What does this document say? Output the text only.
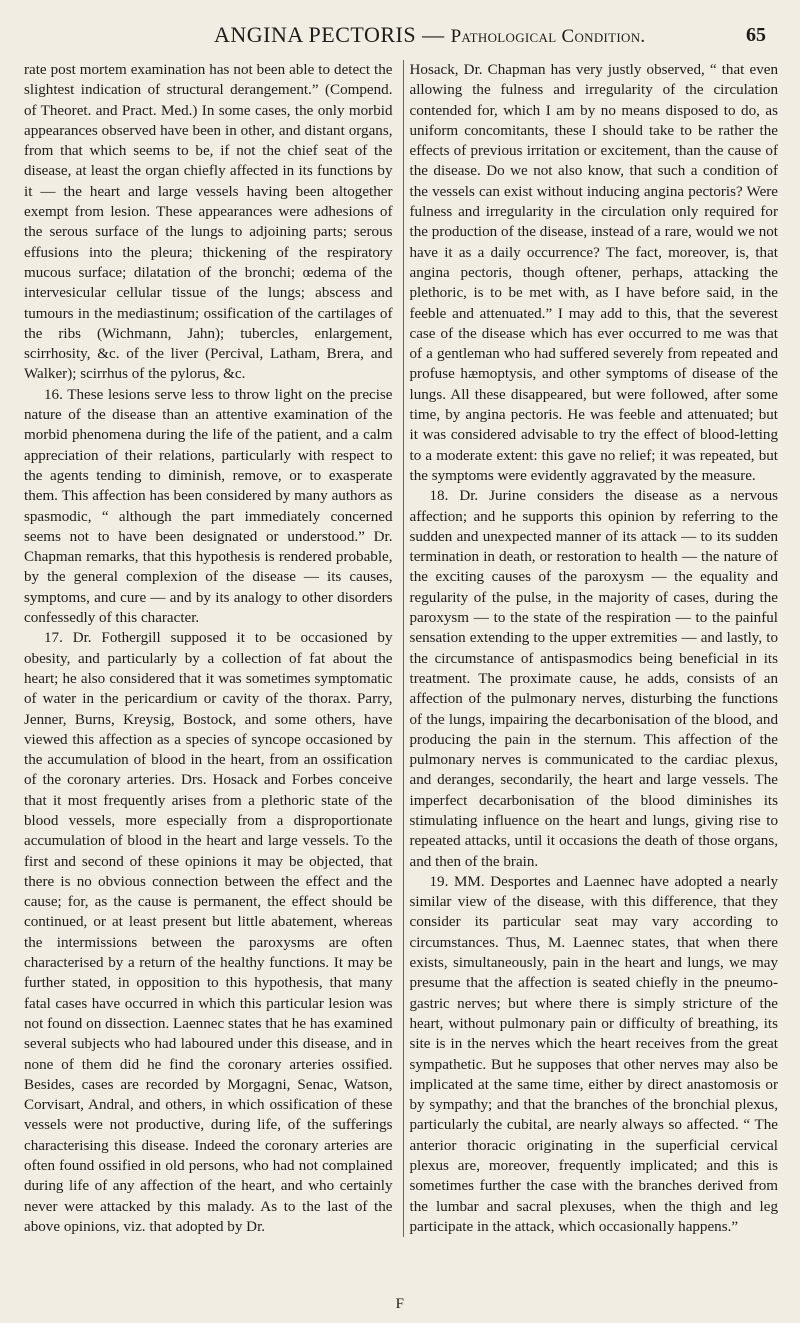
ANGINA PECTORIS — Pathological Condition.	65

rate post mortem examination has not been able to detect the slightest indication of structural derangement.” (Compend. of Theoret. and Pract. Med.) In some cases, the only morbid appearances observed have been in other, and distant organs, from that which seems to be, if not the chief seat of the disease, at least the organ chiefly affected in its functions by it — the heart and large vessels having been altogether exempt from lesion. These appearances were adhesions of the serous surface of the lungs to adjoining parts; serous effusions into the pleura; thickening of the respiratory mucous surface; dilatation of the bronchi; œdema of the intervesicular cellular tissue of the lungs; abscess and tumours in the mediastinum; ossification of the cartilages of the ribs (Wichmann, Jahn); tubercles, enlargement, scirrhosity, &c. of the liver (Percival, Latham, Brera, and Walker); scirrhus of the pylorus, &c.

16. These lesions serve less to throw light on the precise nature of the disease than an attentive examination of the morbid phenomena during the life of the patient, and a calm appreciation of their relations, particularly with respect to the agents tending to diminish, remove, or to exasperate them. This affection has been considered by many authors as spasmodic, “ although the part immediately concerned seems not to have been designated or understood.” Dr. Chapman remarks, that this hypothesis is rendered probable, by the general complexion of the disease — its causes, symptoms, and cure — and by its analogy to other disorders confessedly of this character.

17. Dr. Fothergill supposed it to be occasioned by obesity, and particularly by a collection of fat about the heart; he also considered that it was sometimes symptomatic of water in the pericardium or cavity of the thorax. Parry, Jenner, Burns, Kreysig, Bostock, and some others, have viewed this affection as a species of syncope occasioned by the accumulation of blood in the heart, from an ossification of the coronary arteries. Drs. Hosack and Forbes conceive that it most frequently arises from a plethoric state of the blood vessels, more especially from a disproportionate accumulation of blood in the heart and large vessels. To the first and second of these opinions it may be objected, that there is no obvious connection between the effect and the cause; for, as the cause is permanent, the effect should be continued, or at least present but little abatement, whereas the intermissions between the paroxysms are often characterised by a return of the healthy functions. It may be further stated, in opposition to this hypothesis, that many fatal cases have occurred in which this particular lesion was not found on dissection. Laennec states that he has examined several subjects who had laboured under this disease, and in none of them did he find the coronary arteries ossified. Besides, cases are recorded by Morgagni, Senac, Watson, Corvisart, Andral, and others, in which ossification of these vessels were not productive, during life, of the sufferings characterising this disease. Indeed the coronary arteries are often found ossified in old persons, who had not complained during life of any affection of the heart, and who certainly never were attacked by this malady. As to the last of the above opinions, viz. that adopted by Dr.

Hosack, Dr. Chapman has very justly observed, “ that even allowing the fulness and irregularity of the circulation contended for, which I am by no means disposed to do, as uniform concomitants, these I should take to be rather the effects of previous irritation or excitement, than the cause of the disease. Do we not also know, that such a condition of the vessels can exist without inducing angina pectoris? Were fulness and irregularity in the circulation only required for the production of the disease, instead of a rare, would we not have it as a daily occurrence? The fact, moreover, is, that angina pectoris, though oftener, perhaps, attacking the plethoric, is to be met with, as I have before said, in the feeble and attenuated.” I may add to this, that the severest case of the disease which has ever occurred to me was that of a gentleman who had suffered severely from repeated and profuse hæmoptysis, and other symptoms of disease of the lungs. All these disappeared, but were followed, after some time, by angina pectoris. He was feeble and attenuated; but it was considered advisable to try the effect of blood-letting to a moderate extent: this gave no relief; it was repeated, but the symptoms were evidently aggravated by the measure.

18. Dr. Jurine considers the disease as a nervous affection; and he supports this opinion by referring to the sudden and unexpected manner of its attack — to its sudden termination in death, or restoration to health — the nature of the exciting causes of the paroxysm — the equality and regularity of the pulse, in the majority of cases, during the paroxysm — to the state of the respiration — to the painful sensation extending to the upper extremities — and lastly, to the circumstance of antispasmodics being beneficial in its treatment. The proximate cause, he adds, consists of an affection of the pulmonary nerves, disturbing the functions of the lungs, impairing the decarbonisation of the blood, and producing the pain in the sternum. This affection of the pulmonary nerves is communicated to the cardiac plexus, and deranges, secondarily, the heart and large vessels. The imperfect decarbonisation of the blood diminishes its stimulating influence on the heart and lungs, giving rise to repeated attacks, until it occasions the death of those organs, and then of the brain.

19. MM. Desportes and Laennec have adopted a nearly similar view of the disease, with this difference, that they consider its particular seat may vary according to circumstances. Thus, M. Laennec states, that when there exists, simultaneously, pain in the heart and lungs, we may presume that the affection is seated chiefly in the pneumo-gastric nerves; but where there is simply stricture of the heart, without pulmonary pain or difficulty of breathing, its site is in the nerves which the heart receives from the great sympathetic. But he supposes that other nerves may also be implicated at the same time, either by direct anastomosis or by sympathy; and that the branches of the bronchial plexus, particularly the cubital, are nearly always so affected. “ The anterior thoracic originating in the superficial cervical plexus are, moreover, frequently implicated; and this is sometimes further the case with the branches derived from the lumbar and sacral plexuses, when the thigh and leg participate in the attack, which occasionally happens.”

F
